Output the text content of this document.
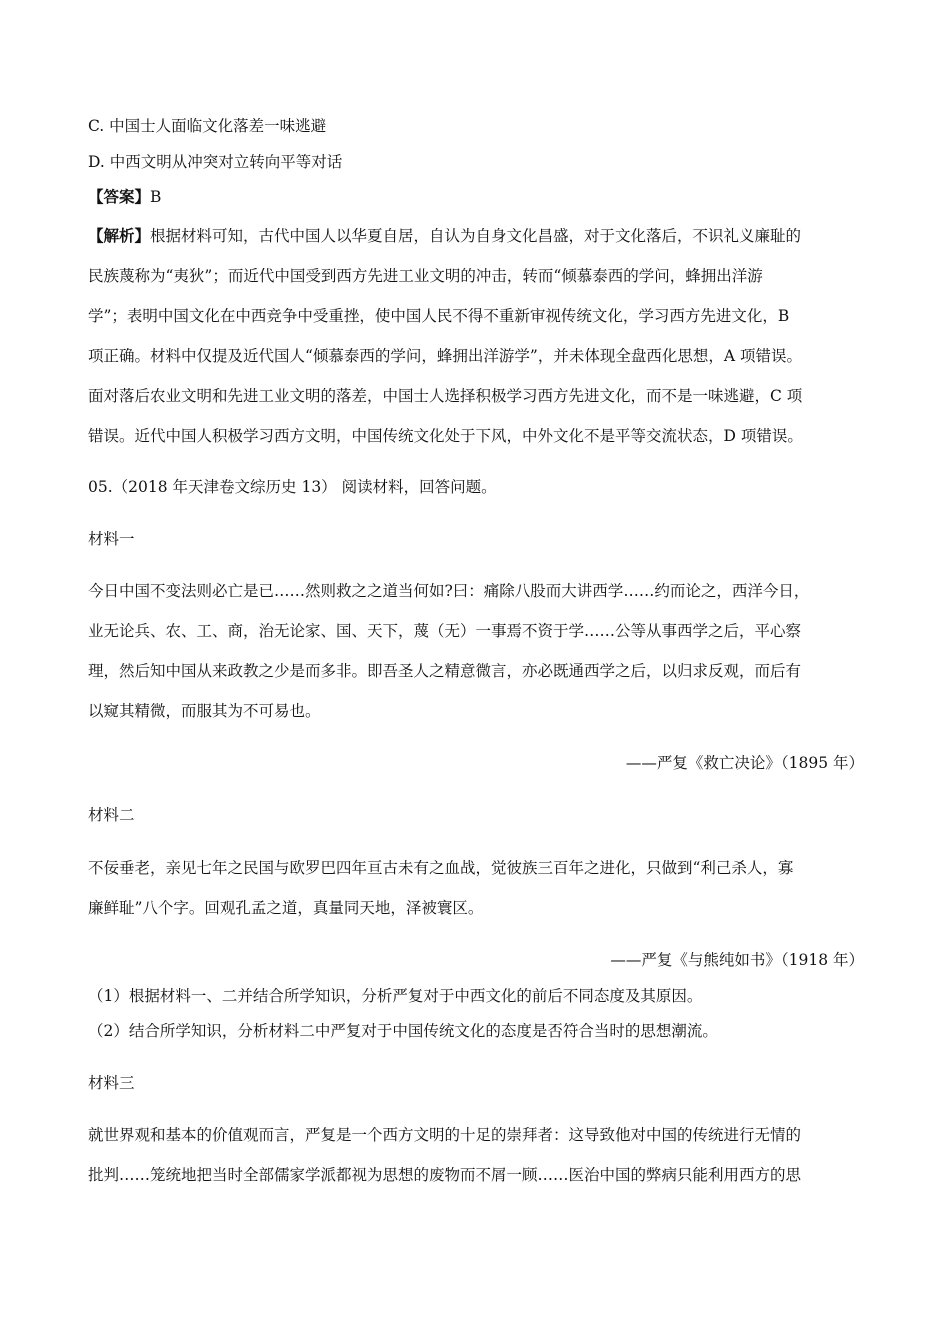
C. 中国士人面临文化落差一味逃避
D. 中西文明从冲突对立转向平等对话
【答案】B
【解析】根据材料可知，古代中国人以华夏自居，自认为自身文化昌盛，对于文化落后，不识礼义廉耻的
民族蔑称为“夷狄”；而近代中国受到西方先进工业文明的冲击，转而“倾慕泰西的学问，蜂拥出洋游
学”；表明中国文化在中西竞争中受重挫，使中国人民不得不重新审视传统文化，学习西方先进文化，B
项正确。材料中仅提及近代国人“倾慕泰西的学问，蜂拥出洋游学”，并未体现全盘西化思想，A 项错误。
面对落后农业文明和先进工业文明的落差，中国士人选择积极学习西方先进文化，而不是一味逃避，C 项
错误。近代中国人积极学习西方文明，中国传统文化处于下风，中外文化不是平等交流状态，D 项错误。
05.（2018 年天津卷文综历史 13） 阅读材料，回答问题。
材料一
今日中国不变法则必亡是已……然则救之之道当何如?曰：痛除八股而大讲西学……约而论之，西洋今日，
业无论兵、农、工、商，治无论家、国、天下，蔑（无）一事焉不资于学……公等从事西学之后，平心察
理，然后知中国从来政教之少是而多非。即吾圣人之精意微言，亦必既通西学之后，以归求反观，而后有
以窥其精微，而服其为不可易也。
——严复《救亡决论》（1895 年）
材料二
不佞垂老，亲见七年之民国与欧罗巴四年亘古未有之血战，觉彼族三百年之进化，只做到“利己杀人，寡
廉鲜耻”八个字。回观孔孟之道，真量同天地，泽被寰区。
——严复《与熊纯如书》（1918 年）
（1）根据材料一、二并结合所学知识，分析严复对于中西文化的前后不同态度及其原因。
（2）结合所学知识，分析材料二中严复对于中国传统文化的态度是否符合当时的思想潮流。
材料三
就世界观和基本的价值观而言，严复是一个西方文明的十足的崇拜者：这导致他对中国的传统进行无情的
批判……笼统地把当时全部儒家学派都视为思想的废物而不屑一顾……医治中国的弊病只能利用西方的思
